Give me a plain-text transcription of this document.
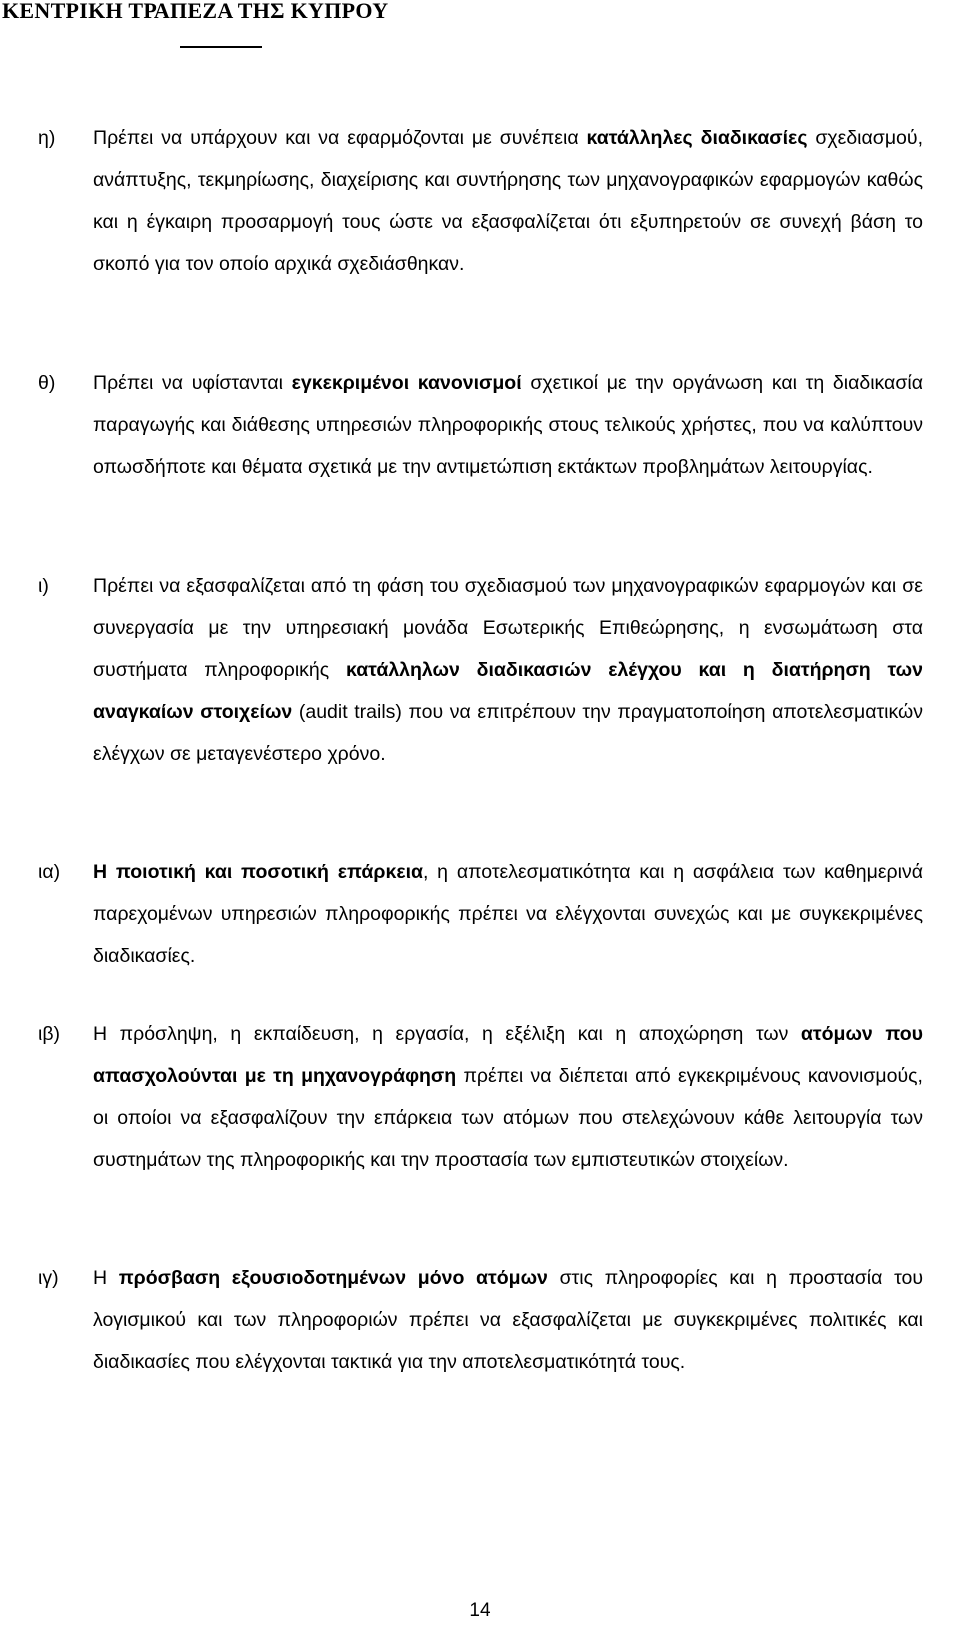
ΚΕΝΤΡΙΚΗ ΤΡΑΠΕΖΑ ΤΗΣ ΚΥΠΡΟΥ
η) Πρέπει να υπάρχουν και να εφαρμόζονται με συνέπεια κατάλληλες διαδικασίες σχεδιασμού, ανάπτυξης, τεκμηρίωσης, διαχείρισης και συντήρησης των μηχανογραφικών εφαρμογών καθώς και η έγκαιρη προσαρμογή τους ώστε να εξασφαλίζεται ότι εξυπηρετούν σε συνεχή βάση το σκοπό για τον οποίο αρχικά σχεδιάσθηκαν.
θ) Πρέπει να υφίστανται εγκεκριμένοι κανονισμοί σχετικοί με την οργάνωση και τη διαδικασία παραγωγής και διάθεσης υπηρεσιών πληροφορικής στους τελικούς χρήστες, που να καλύπτουν οπωσδήποτε και θέματα σχετικά με την αντιμετώπιση εκτάκτων προβλημάτων λειτουργίας.
ι) Πρέπει να εξασφαλίζεται από τη φάση του σχεδιασμού των μηχανογραφικών εφαρμογών και σε συνεργασία με την υπηρεσιακή μονάδα Εσωτερικής Επιθεώρησης, η ενσωμάτωση στα συστήματα πληροφορικής κατάλληλων διαδικασιών ελέγχου και η διατήρηση των αναγκαίων στοιχείων (audit trails) που να επιτρέπουν την πραγματοποίηση αποτελεσματικών ελέγχων σε μεταγενέστερο χρόνο.
ια) Η ποιοτική και ποσοτική επάρκεια, η αποτελεσματικότητα και η ασφάλεια των καθημερινά παρεχομένων υπηρεσιών πληροφορικής πρέπει να ελέγχονται συνεχώς και με συγκεκριμένες διαδικασίες.
ιβ) Η πρόσληψη, η εκπαίδευση, η εργασία, η εξέλιξη και η αποχώρηση των ατόμων που απασχολούνται με τη μηχανογράφηση πρέπει να διέπεται από εγκεκριμένους κανονισμούς, οι οποίοι να εξασφαλίζουν την επάρκεια των ατόμων που στελεχώνουν κάθε λειτουργία των συστημάτων της πληροφορικής και την προστασία των εμπιστευτικών στοιχείων.
ιγ) Η πρόσβαση εξουσιοδοτημένων μόνο ατόμων στις πληροφορίες και η προστασία του λογισμικού και των πληροφοριών πρέπει να εξασφαλίζεται με συγκεκριμένες πολιτικές και διαδικασίες που ελέγχονται τακτικά για την αποτελεσματικότητά τους.
14
